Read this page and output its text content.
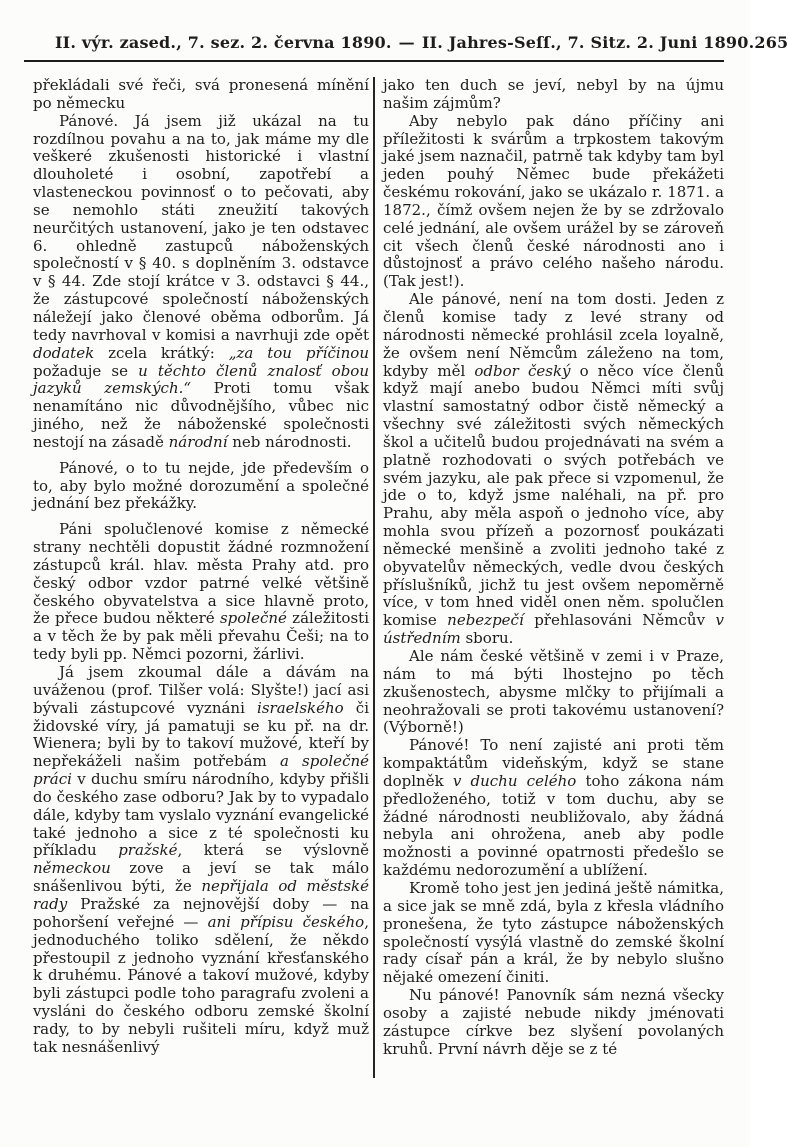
II. výr. zased., 7. sez. 2. června 1890. — II. Jahres-Seſſ., 7. Sitz. 2. Juni 1890. 265

překládali své řeči, svá pronesená mínění po německu

Pánové. Já jsem již ukázal na tu rozdílnou povahu a na to, jak máme my dle veškeré zkušenosti historické i vlastní dlouholeté i osobní, zapotřebí a vlasteneckou povinnosť o to pečovati, aby se nemohlo státi zneužití takových neurčitých ustanovení, jako je ten odstavec 6. ohledně zastupců náboženských společností v § 40. s doplněním 3. odstavce v § 44. Zde stojí krátce v 3. odstavci § 44., že zástupcové společností náboženských náležejí jako členové oběma odborům. Já tedy navrhoval v komisi a navrhuji zde opět dodatek zcela krátký: „za tou příčinou požaduje se u těchto členů znalosť obou jazyků zemských.“ Proti tomu však nenamítáno nic důvodnějšího, vůbec nic jiného, než že náboženské společnosti nestojí na zásadě národní neb národnosti.

Pánové, o to tu nejde, jde především o to, aby bylo možné dorozumění a společné jednání bez překážky.

Páni spolučlenové komise z německé strany nechtěli dopustit žádné rozmnožení zástupců král. hlav. města Prahy atd. pro český odbor vzdor patrné velké většině českého obyvatelstva a sice hlavně proto, že přece budou některé společné záležitosti a v těch že by pak měli převahu Češi; na to tedy byli pp. Němci pozorni, žárlivi.

Já jsem zkoumal dále a dávám na uváženou (prof. Tilšer volá: Slyšte!) jací asi bývali zástupcové vyznáni israelského či židovské víry, já pamatuji se ku př. na dr. Wienera; byli by to takoví mužové, kteří by nepřekáželi našim potřebám a společné práci v duchu smíru národního, kdyby přišli do českého zase odboru? Jak by to vypadalo dále, kdyby tam vyslalo vyznání evangelické také jednoho a sice z té společnosti ku příkladu pražské, která se výslovně německou zove a jeví se tak málo snášenlivou býti, že nepřijala od městské rady Pražské za nejnovější doby — na pohoršení veřejné — ani přípisu českého, jednoduchého toliko sdělení, že někdo přestoupil z jednoho vyznání křesťanského k druhému. Pánové a takoví mužové, kdyby byli zástupci podle toho paragrafu zvoleni a vysláni do českého odboru zemské školní rady, to by nebyli rušiteli míru, když muž tak nesnášenlivý

jako ten duch se jeví, nebyl by na újmu našim zájmům?

Aby nebylo pak dáno příčiny ani příležitosti k svárům a trpkostem takovým jaké jsem naznačil, patrně tak kdyby tam byl jeden pouhý Němec bude překážeti českému rokování, jako se ukázalo r. 1871. a 1872., čímž ovšem nejen že by se zdržovalo celé jednání, ale ovšem urážel by se zároveň cit všech členů české národnosti ano i důstojnosť a právo celého našeho národu. (Tak jest!).

Ale pánové, není na tom dosti. Jeden z členů komise tady z levé strany od národnosti německé prohlásil zcela loyalně, že ovšem není Němcům záleženo na tom, kdyby měl odbor český o něco více členů když mají anebo budou Němci míti svůj vlastní samostatný odbor čistě německý a všechny své záležitosti svých německých škol a učitelů budou projednávati na svém a platně rozhodovati o svých potřebách ve svém jazyku, ale pak přece si vzpomenul, že jde o to, když jsme naléhali, na př. pro Prahu, aby měla aspoň o jednoho více, aby mohla svou přízeň a pozornosť poukázati německé menšině a zvoliti jednoho také z obyvatelův německých, vedle dvou českých příslušníků, jichž tu jest ovšem nepoměrně více, v tom hned viděl onen něm. spolučlen komise nebezpečí přehlasováni Němcův v ústředním sboru.

Ale nám české většině v zemi i v Praze, nám to má býti lhostejno po těch zkušenostech, abysme mlčky to přijímali a neohražovali se proti takovému ustanovení? (Výborně!)

Pánové! To není zajisté ani proti těm kompaktátům videňským, když se stane doplněk v duchu celého toho zákona nám předloženého, totiž v tom duchu, aby se žádné národnosti neubližovalo, aby žádná nebyla ani ohrožena, aneb aby podle možnosti a povinné opatrnosti předešlo se každému nedorozumění a ublížení.

Kromě toho jest jen jediná ještě námitka, a sice jak se mně zdá, byla z křesla vládního pronešena, že tyto zástupce náboženských společností vysýlá vlastně do zemské školní rady císař pán a král, že by nebylo slušno nějaké omezení činiti.

Nu pánové! Panovník sám nezná všecky osoby a zajisté nebude nikdy jménovati zástupce církve bez slyšení povolaných kruhů. První návrh děje se z té
